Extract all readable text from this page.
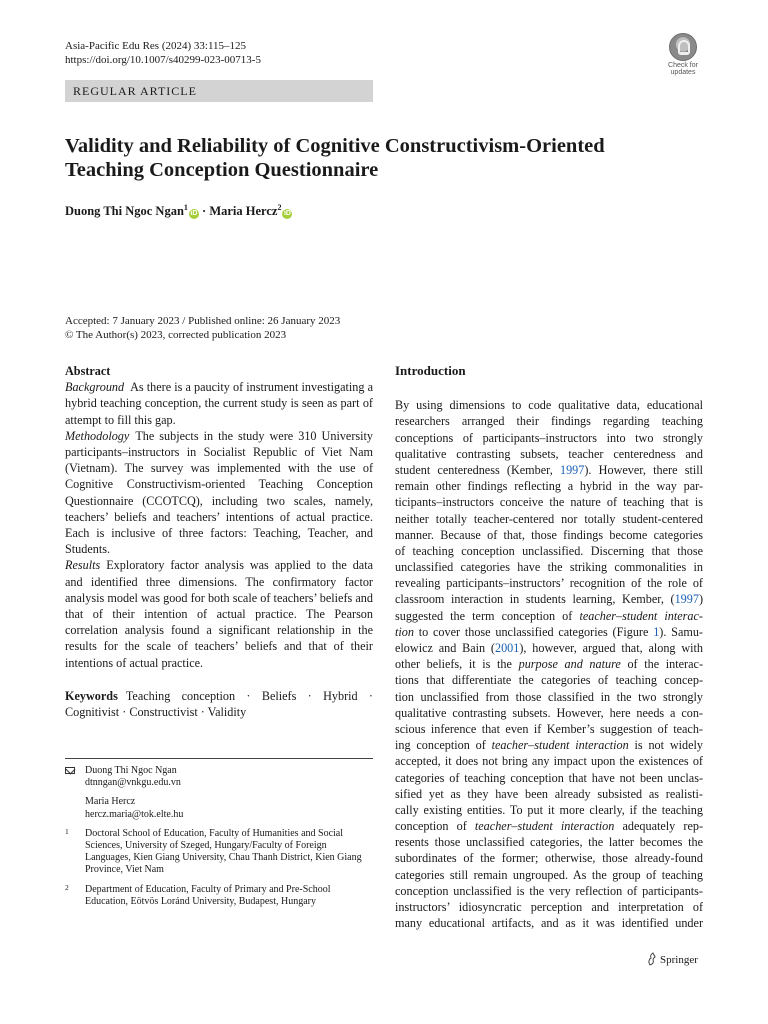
Asia-Pacific Edu Res (2024) 33:115–125
https://doi.org/10.1007/s40299-023-00713-5	Check for
updates
REGULAR ARTICLE
Validity and Reliability of Cognitive Constructivism-Oriented
Teaching Conception Questionnaire
Duong Thi Ngoc Ngan$^1$iD · Maria Hercz$^2$iD
Accepted: 7 January 2023 / Published online: 26 January 2023
© The Author(s) 2023, corrected publication 2023

Abstract

Background As there is a paucity of instrument investigating a hybrid teaching conception, the current study is seen as part of attempt to fill this gap.

Methodology The subjects in the study were 310 University participants–instructors in Socialist Republic of Viet Nam (Vietnam). The survey was implemented with the use of Cognitive Constructivism-oriented Teaching Conception Questionnaire (CCOTCQ), including two scales, namely, teachers’ beliefs and teachers’ intentions of actual practice. Each is inclusive of three factors: Teaching, Teacher, and Students.

Results Exploratory factor analysis was applied to the data and identified three dimensions. The confirmatory factor analysis model was good for both scale of teachers’ beliefs and that of their intention of actual practice. The Pearson correlation analysis found a significant relationship in the results for the scale of teachers’ beliefs and that of their intentions of actual practice.

Keywords Teaching conception · Beliefs · Hybrid · Cognitivist · Constructivist · Validity

Duong Thi Ngoc Ngan
dtnngan@vnkgu.edu.vn
Maria Hercz
hercz.maria@tok.elte.hu
1 Doctoral School of Education, Faculty of Humanities and Social Sciences, University of Szeged, Hungary/Faculty of Foreign Languages, Kien Giang University, Chau Thanh District, Kien Giang Province, Viet Nam
2 Department of Education, Faculty of Primary and Pre-School Education, Eötvös Loránd University, Budapest, Hungary
Introduction
By using dimensions to code qualitative data, educational
researchers arranged their findings regarding teaching
conceptions of participants–instructors into two strongly
qualitative contrasting subsets, teacher centeredness and
student centeredness (Kember, 1997). However, there still
remain other findings reflecting a hybrid in the way par-
ticipants–instructors conceive the nature of teaching that is
neither totally teacher-centered nor totally student-centered
manner. Because of that, those findings become categories
of teaching conception unclassified. Discerning that those
unclassified categories have the striking commonalities in
revealing participants–instructors’ recognition of the role of
classroom interaction in students learning, Kember, (1997)
suggested the term conception of teacher–student interac-
tion to cover those unclassified categories (Figure 1). Samu-
elowicz and Bain (2001), however, argued that, along with
other beliefs, it is the purpose and nature of the interac-
tions that differentiate the categories of teaching concep-
tion unclassified from those classified in the two strongly
qualitative contrasting subsets. However, here needs a con-
scious inference that even if Kember’s suggestion of teach-
ing conception of teacher–student interaction is not widely
accepted, it does not bring any impact upon the existences of
categories of teaching conception that have not been unclas-
sified yet as they have been already subsisted as realisti-
cally existing entities. To put it more clearly, if the teaching
conception of teacher–student interaction adequately rep-
resents those unclassified categories, the latter becomes the
subordinates of the former; otherwise, those already-found
categories still remain ungrouped. As the group of teaching
conception unclassified is the very reflection of participants-
instructors’ idiosyncratic perception and interpretation of
many educational artifacts, and as it was identified under
Springer
